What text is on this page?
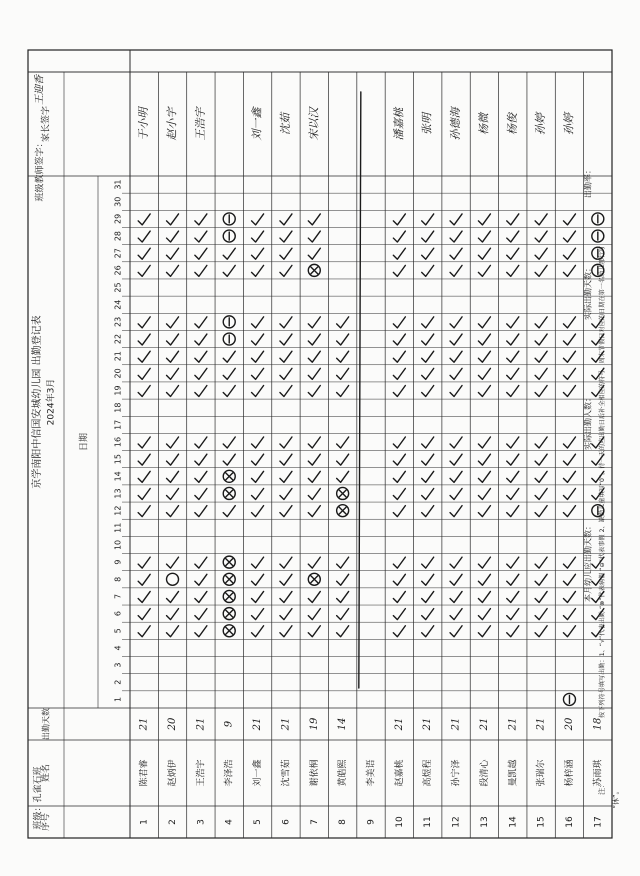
序号
姓名
出勤天数
家长签字
日期
京学南阳中信国安城幼儿园 出勤登记表 2024年3月
班级：孔雀石班
班级教师签字：
王迎香
1
2
3
4
5
6
7
8
9
10
11
12
13
14
15
16
17
18
19
20
21
22
23
24
25
26
27
28
29
30
31
1
陈君睿
21
于小明
2
赵炳伊
20
赵小宇
3
王浩宇
21
王浩宇
4
李泽浩
9
5
刘一鑫
21
刘一鑫
6
沈雪茹
21
沈茹
7
谢依桐
19
宋以汉
8
黄皓熙
14
9
李美语
10
赵嘉桃
21
潘嘉桃
11
高煜程
21
张明
12
孙宁泽
21
孙德海
13
段清心
21
杨微
14
曼凯越
21
杨俊
15
张瑞尔
21
孙婷
16
杨梓涵
20
孙婷
17
苏雨琪
18
本月幼儿应出勤天数：
实际出勤人数：
实际出勤天数：
出勤率：
按下列符号填写出勤：1、“√”代表出勤 “⊗”代表病假 “⊖”代表事假 2、缺勤儿童填写“0”。待一天的应出勤日后补全相应的符号。周末节假日对应的日期在第一名幼儿那行写
注： “休”。
